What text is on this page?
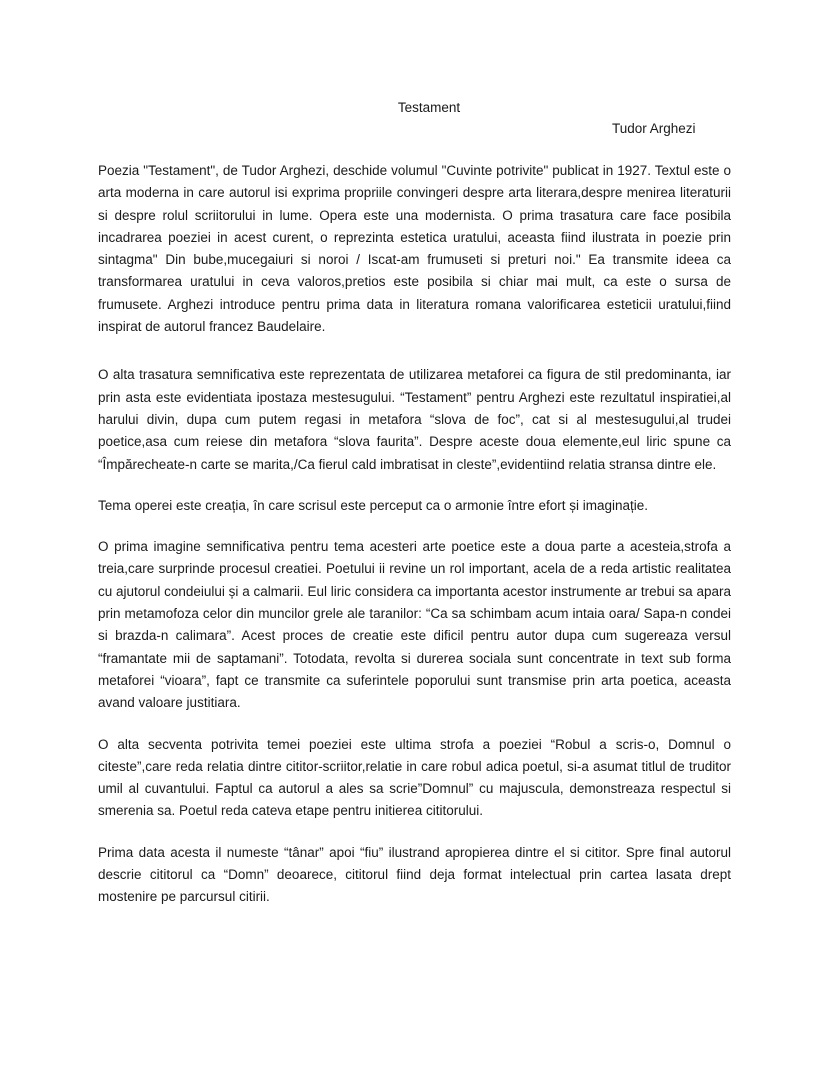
Testament
Tudor Arghezi

Poezia "Testament", de Tudor Arghezi, deschide volumul "Cuvinte potrivite" publicat in 1927. Textul este o arta moderna in care autorul isi exprima propriile convingeri despre arta literara,despre menirea literaturii si despre rolul scriitorului in lume. Opera este una modernista. O prima trasatura care face posibila incadrarea poeziei in acest curent, o reprezinta estetica uratului, aceasta fiind ilustrata in poezie prin sintagma" Din bube,mucegaiuri si noroi / Iscat-am frumuseti si preturi noi." Ea transmite ideea ca transformarea uratului in ceva valoros,pretios este posibila si chiar mai mult, ca este o sursa de frumusete. Arghezi introduce pentru prima data in literatura romana valorificarea esteticii uratului,fiind inspirat de autorul francez Baudelaire.

O alta trasatura semnificativa este reprezentata de utilizarea metaforei ca figura de stil predominanta, iar prin asta este evidentiata ipostaza mestesugului. “Testament” pentru Arghezi este rezultatul inspiratiei,al harului divin, dupa cum putem regasi in metafora “slova de foc”, cat si al mestesugului,al trudei poetice,asa cum reiese din metafora “slova faurita”. Despre aceste doua elemente,eul liric spune ca “Împărecheate-n carte se marita,/Ca fierul cald imbratisat in cleste”,evidentiind relatia stransa dintre ele.

Tema operei este creația, în care scrisul este perceput ca o armonie între efort și imaginație.

O prima imagine semnificativa pentru tema acesteri arte poetice este a doua parte a acesteia,strofa a treia,care surprinde procesul creatiei. Poetului ii revine un rol important, acela de a reda artistic realitatea cu ajutorul condeiului și a calmarii. Eul liric considera ca importanta acestor instrumente ar trebui sa apara prin metamofoza celor din muncilor grele ale taranilor: “Ca sa schimbam acum intaia oara/ Sapa-n condei si brazda-n calimara”. Acest proces de creatie este dificil pentru autor dupa cum sugereaza versul “framantate mii de saptamani”. Totodata, revolta si durerea sociala sunt concentrate in text sub forma metaforei “vioara”, fapt ce transmite ca suferintele poporului sunt transmise prin arta poetica, aceasta avand valoare justitiara.

O alta secventa potrivita temei poeziei este ultima strofa a poeziei “Robul a scris-o, Domnul o citeste”,care reda relatia dintre cititor-scriitor,relatie in care robul adica poetul, si-a asumat titlul de truditor umil al cuvantului. Faptul ca autorul a ales sa scrie”Domnul” cu majuscula, demonstreaza respectul si smerenia sa. Poetul reda cateva etape pentru initierea cititorului.

Prima data acesta il numeste “tânar” apoi “fiu” ilustrand apropierea dintre el si cititor. Spre final autorul descrie cititorul ca “Domn” deoarece, cititorul fiind deja format intelectual prin cartea lasata drept mostenire pe parcursul citirii.
